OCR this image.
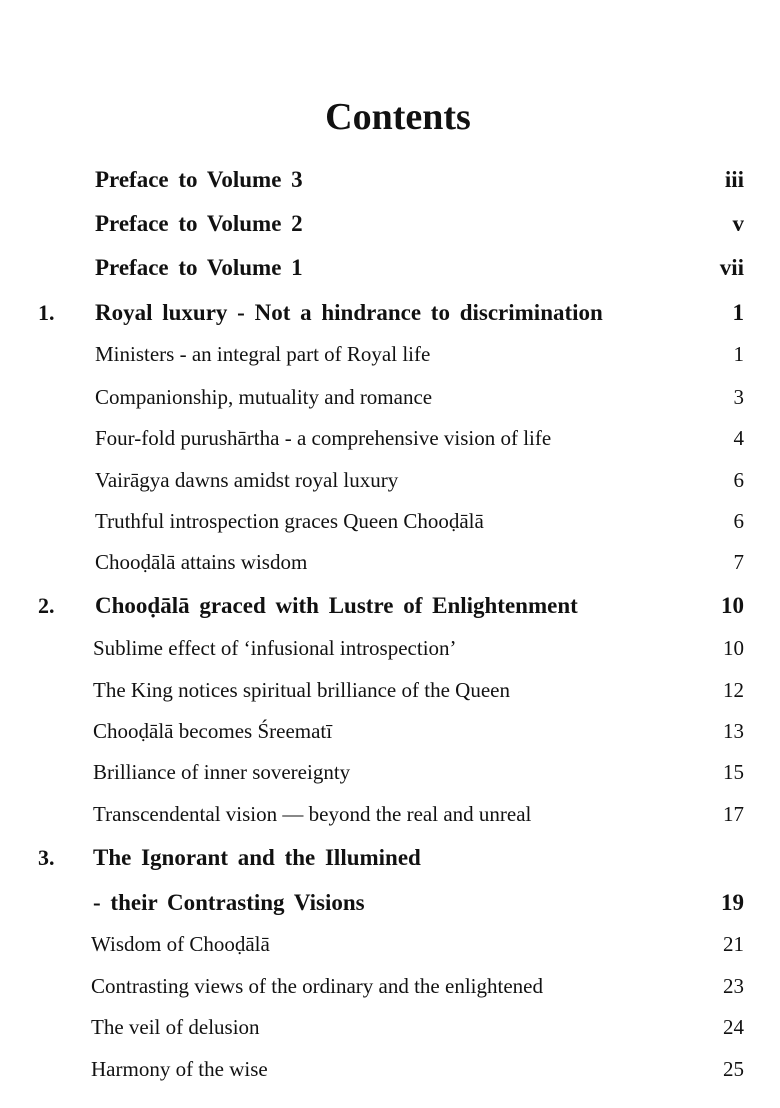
Contents
Preface to Volume 3	iii
Preface to Volume 2	v
Preface to Volume 1	vii
1. Royal luxury - Not a hindrance to discrimination	1
Ministers - an integral part of Royal life	1
Companionship, mutuality and romance	3
Four-fold purushārtha - a comprehensive vision of life	4
Vairāgya dawns amidst royal luxury	6
Truthful introspection graces Queen Chooḍālā	6
Chooḍālā attains wisdom	7
2. Chooḍālā graced with Lustre of Enlightenment	10
Sublime effect of ‘infusional introspection’	10
The King notices spiritual brilliance of the Queen	12
Chooḍālā becomes Śreematī	13
Brilliance of inner sovereignty	15
Transcendental vision — beyond the real and unreal	17
3. The Ignorant and the Illumined
- their Contrasting Visions	19
Wisdom of Chooḍālā	21
Contrasting views of the ordinary and the enlightened	23
The veil of delusion	24
Harmony of the wise	25
